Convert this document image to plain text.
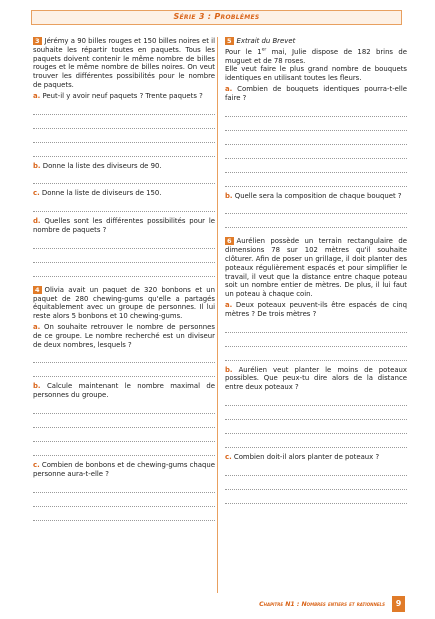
Série 3 : Problèmes

3 Jérémy a 90 billes rouges et 150 billes noires et il souhaite les répartir toutes en paquets. Tous les paquets doivent contenir le même nombre de billes rouges et le même nombre de billes noires. On veut trouver les différentes possibilités pour le nombre de paquets.

a. Peut-il y avoir neuf paquets ? Trente paquets ?

b. Donne la liste des diviseurs de 90.

c. Donne la liste de diviseurs de 150.

d. Quelles sont les différentes possibilités pour le nombre de paquets ?

4 Olivia avait un paquet de 320 bonbons et un paquet de 280 chewing-gums qu'elle a partagés équitablement avec un groupe de personnes. Il lui reste alors 5 bonbons et 10 chewing-gums.

a. On souhaite retrouver le nombre de personnes de ce groupe. Le nombre recherché est un diviseur de deux nombres, lesquels ?

b. Calcule maintenant le nombre maximal de personnes du groupe.

c. Combien de bonbons et de chewing-gums chaque personne aura-t-elle ?

5 Extrait du Brevet

Pour le 1er mai, Julie dispose de 182 brins de muguet et de 78 roses.

Elle veut faire le plus grand nombre de bouquets identiques en utilisant toutes les fleurs.

a. Combien de bouquets identiques pourra-t-elle faire ?

b. Quelle sera la composition de chaque bouquet ?

6 Aurélien possède un terrain rectangulaire de dimensions 78 sur 102 mètres qu'il souhaite clôturer. Afin de poser un grillage, il doit planter des poteaux régulièrement espacés et pour simplifier le travail, il veut que la distance entre chaque poteau soit un nombre entier de mètres. De plus, il lui faut un poteau à chaque coin.

a. Deux poteaux peuvent-ils être espacés de cinq mètres ? De trois mètres ?

b. Aurélien veut planter le moins de poteaux possibles. Que peux-tu dire alors de la distance entre deux poteaux ?

c. Combien doit-il alors planter de poteaux ?

Chapitre N1 : Nombres entiers et rationnels	9
